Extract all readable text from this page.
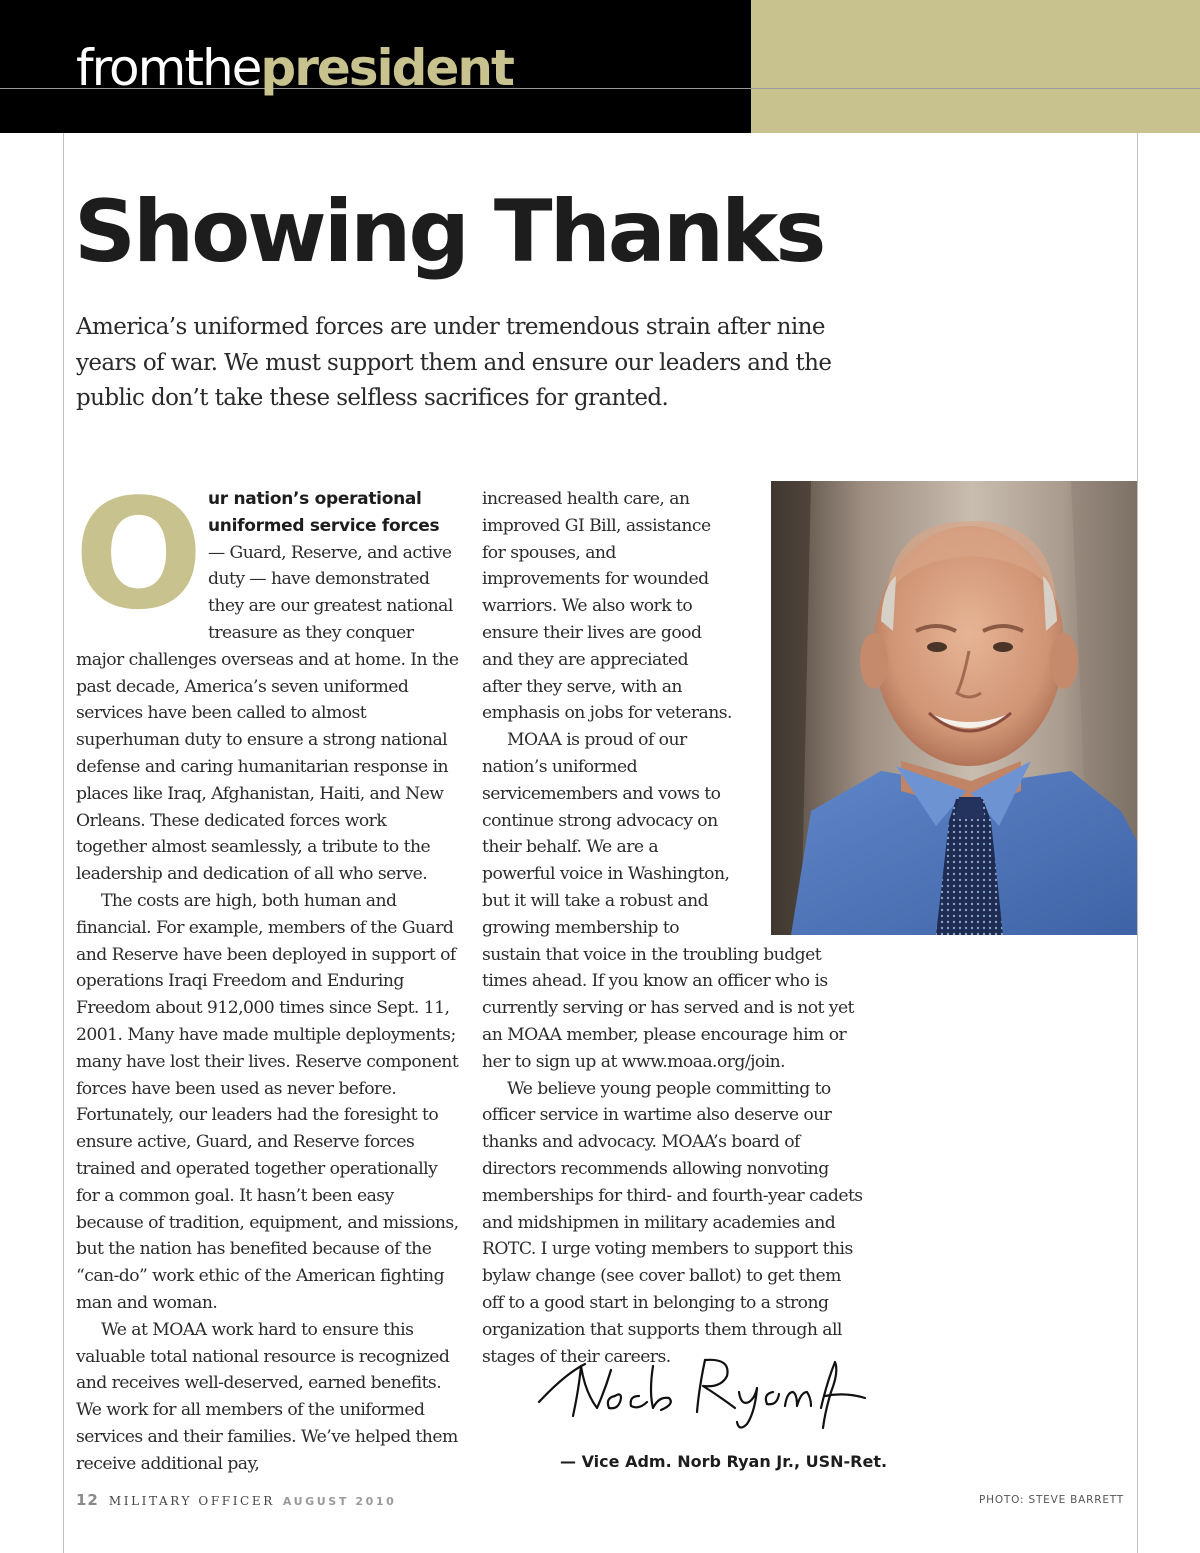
fromthepresident
Showing Thanks

America’s uniformed forces are under tremendous strain after nine years of war. We must support them and ensure our leaders and the public don’t take these selfless sacrifices for granted.

O ur nation’s operational uniformed service forces — Guard, Reserve, and active duty — have demonstrated they are our greatest national treasure as they conquer major challenges overseas and at home. In the past decade, America’s seven uniformed services have been called to almost superhuman duty to ensure a strong national defense and caring humanitarian response in places like Iraq, Afghanistan, Haiti, and New Orleans. These dedicated forces work together almost seamlessly, a tribute to the leadership and dedication of all who serve.

The costs are high, both human and financial. For example, members of the Guard and Reserve have been deployed in support of operations Iraqi Freedom and Enduring Freedom about 912,000 times since Sept. 11, 2001. Many have made multiple deployments; many have lost their lives. Reserve component forces have been used as never before. Fortunately, our leaders had the foresight to ensure active, Guard, and Reserve forces trained and operated together operationally for a common goal. It hasn’t been easy because of tradition, equipment, and missions, but the nation has benefited because of the “can-do” work ethic of the American fighting man and woman.

We at MOAA work hard to ensure this valuable total national resource is recognized and receives well-deserved, earned benefits. We work for all members of the uniformed services and their families. We’ve helped them receive additional pay,

increased health care, an improved GI Bill, assistance for spouses, and improvements for wounded warriors. We also work to ensure their lives are good and they are appreciated after they serve, with an emphasis on jobs for veterans.

MOAA is proud of our nation’s uniformed servicemembers and vows to continue strong advocacy on their behalf. We are a powerful voice in Washington, but it will take a robust and growing membership to sustain that voice in the troubling budget times ahead. If you know an officer who is currently serving or has served and is not yet an MOAA member, please encourage him or her to sign up at www.moaa.org/join.

We believe young people committing to officer service in wartime also deserve our thanks and advocacy. MOAA’s board of directors recommends allowing nonvoting memberships for third- and fourth-year cadets and midshipmen in military academies and ROTC. I urge voting members to support this bylaw change (see cover ballot) to get them off to a good start in belonging to a strong organization that supports them through all stages of their careers.

— Vice Adm. Norb Ryan Jr., USN-Ret.
12 MILITARY OFFICER AUGUST 2010	PHOTO: STEVE BARRETT
